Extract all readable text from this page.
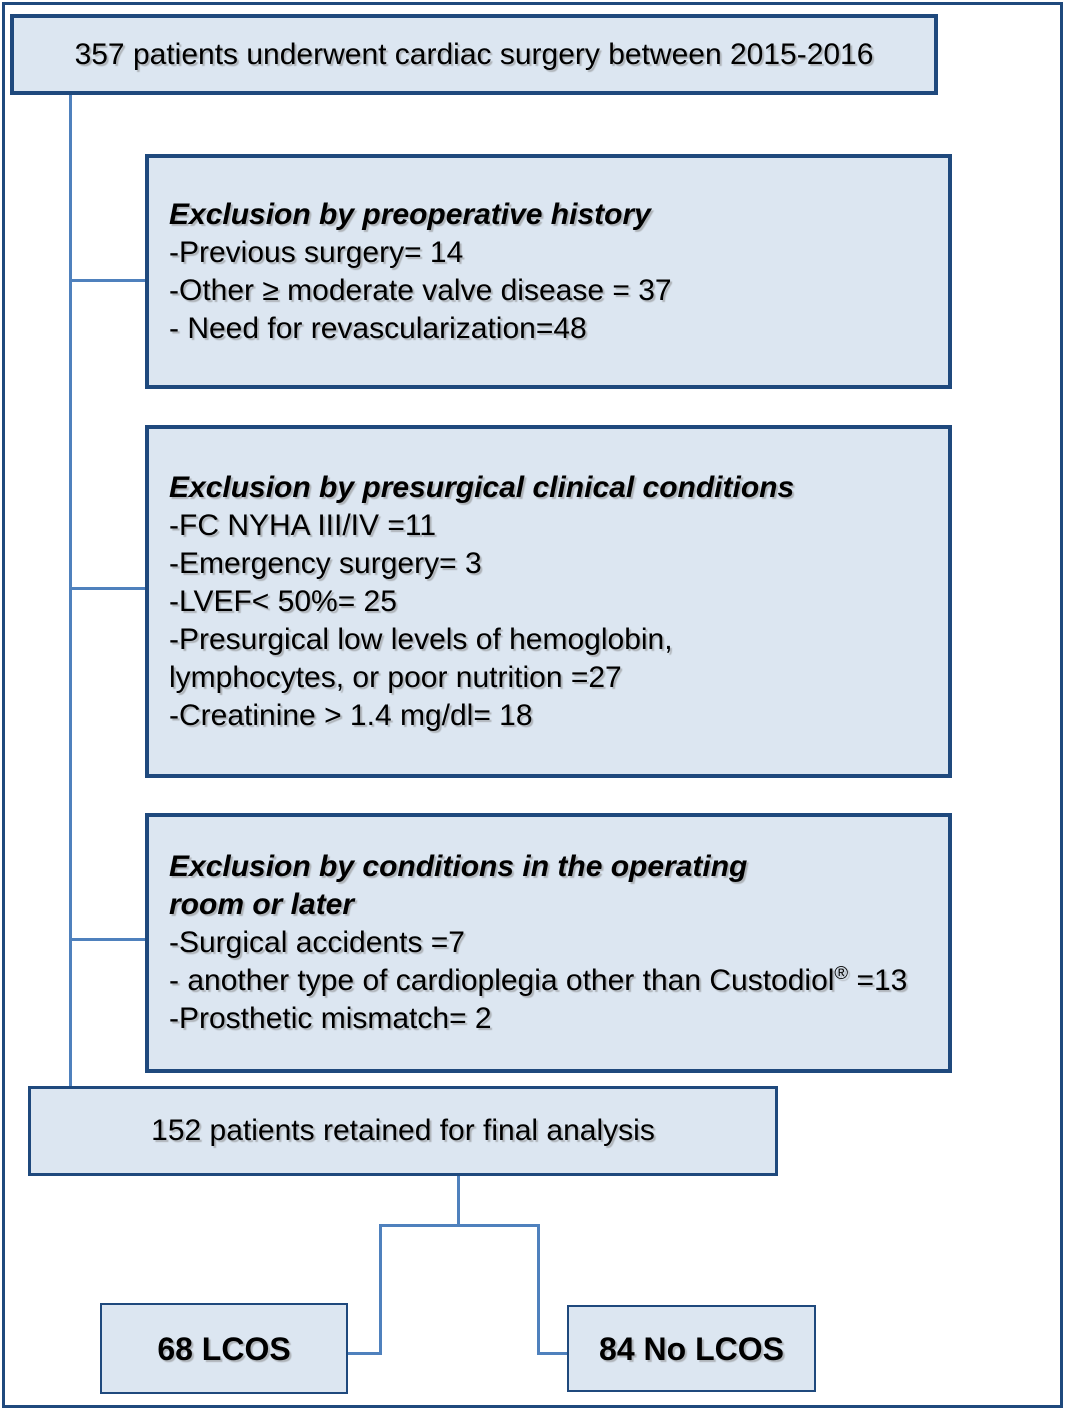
357 patients underwent cardiac surgery between 2015-2016
Exclusion by preoperative history
-Previous surgery= 14
-Other ≥ moderate valve disease = 37
- Need for revascularization=48
Exclusion by presurgical clinical conditions
-FC NYHA III/IV =11
-Emergency surgery= 3
-LVEF< 50%= 25
-Presurgical low levels of hemoglobin,
lymphocytes, or poor nutrition =27
-Creatinine > 1.4 mg/dl= 18
Exclusion by conditions in the operating
room or later
-Surgical accidents =7
- another type of cardioplegia other than Custodiol® =13
-Prosthetic mismatch= 2
152 patients retained for final analysis
68 LCOS	84 No LCOS
